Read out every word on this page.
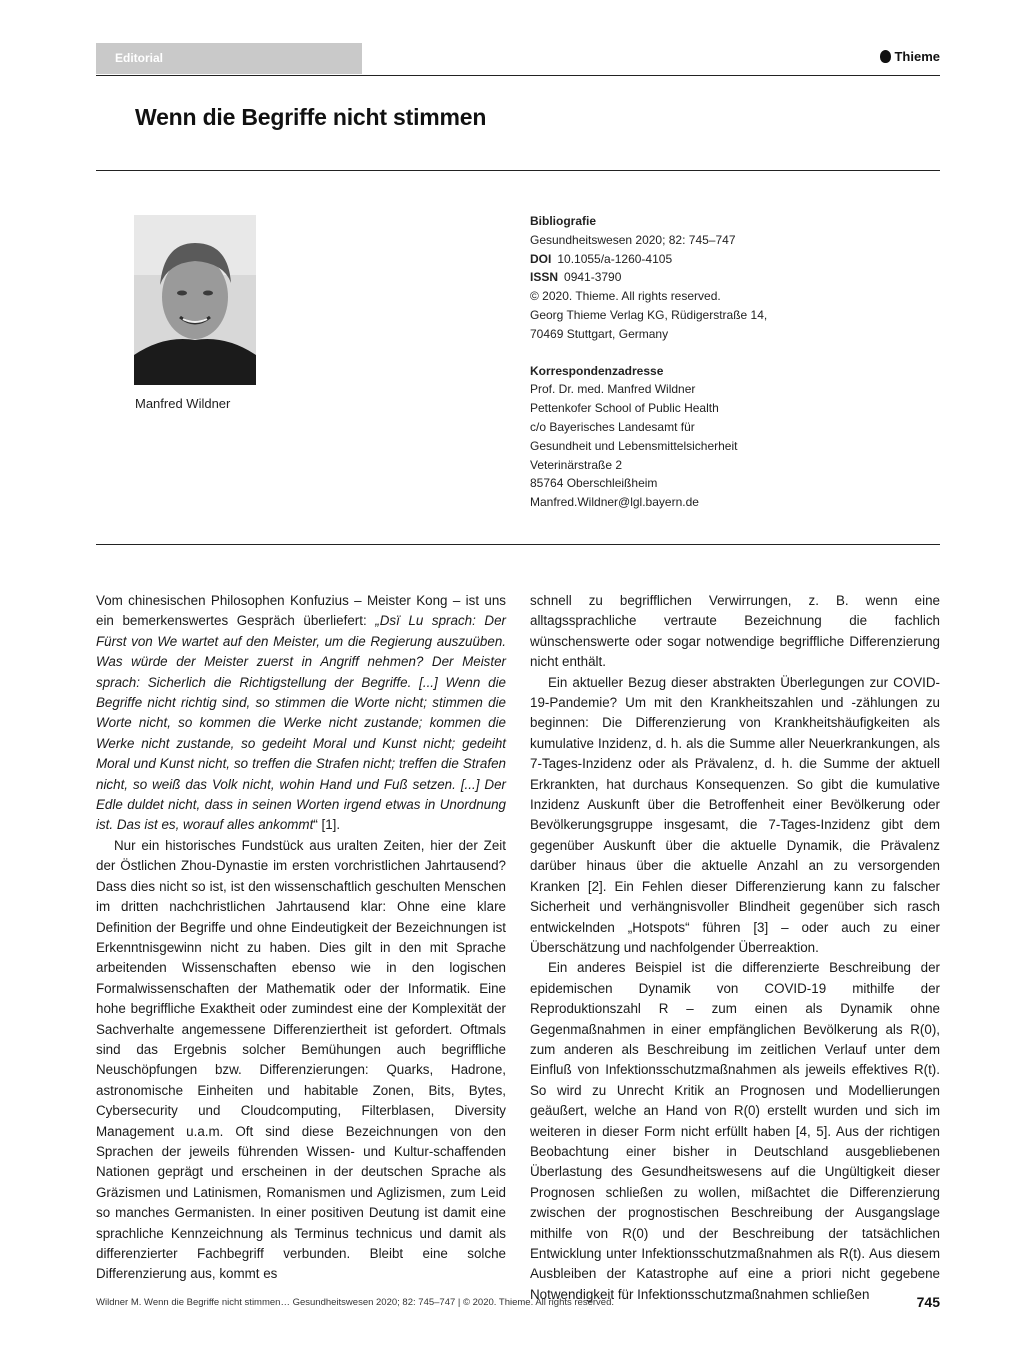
Editorial	Thieme
Wenn die Begriffe nicht stimmen
Manfred Wildner
Bibliografie
Gesundheitswesen 2020; 82: 745–747
DOI 10.1055/a-1260-4105
ISSN 0941-3790
© 2020. Thieme. All rights reserved.
Georg Thieme Verlag KG, Rüdigerstraße 14,
70469 Stuttgart, Germany
Korrespondenzadresse
Prof. Dr. med. Manfred Wildner
Pettenkofer School of Public Health
c/o Bayerisches Landesamt für
Gesundheit und Lebensmittelsicherheit
Veterinärstraße 2
85764 Oberschleißheim
Manfred.Wildner@lgl.bayern.de

Vom chinesischen Philosophen Konfuzius – Meister Kong – ist uns ein bemerkenswertes Gespräch überliefert: „Dsï Lu sprach: Der Fürst von We wartet auf den Meister, um die Regierung auszuüben. Was würde der Meister zuerst in Angriff nehmen? Der Meister sprach: Sicherlich die Richtigstellung der Begriffe. [...] Wenn die Begriffe nicht richtig sind, so stimmen die Worte nicht; stimmen die Worte nicht, so kommen die Werke nicht zustande; kommen die Werke nicht zustande, so gedeiht Moral und Kunst nicht; gedeiht Moral und Kunst nicht, so treffen die Strafen nicht; treffen die Strafen nicht, so weiß das Volk nicht, wohin Hand und Fuß setzen. [...] Der Edle duldet nicht, dass in seinen Worten irgend etwas in Unordnung ist. Das ist es, worauf alles ankommt“ [1].

Nur ein historisches Fundstück aus uralten Zeiten, hier der Zeit der Östlichen Zhou-Dynastie im ersten vorchristlichen Jahrtausend? Dass dies nicht so ist, ist den wissenschaftlich geschulten Menschen im dritten nachchristlichen Jahrtausend klar: Ohne eine klare Definition der Begriffe und ohne Eindeutigkeit der Bezeichnungen ist Erkenntnisgewinn nicht zu haben. Dies gilt in den mit Sprache arbeitenden Wissenschaften ebenso wie in den logischen Formalwissenschaften der Mathematik oder der Informatik. Eine hohe begriffliche Exaktheit oder zumindest eine der Komplexität der Sachverhalte angemessene Differenziertheit ist gefordert. Oftmals sind das Ergebnis solcher Bemühungen auch begriffliche Neuschöpfungen bzw. Differenzierungen: Quarks, Hadrone, astronomische Einheiten und habitable Zonen, Bits, Bytes, Cybersecurity und Cloudcomputing, Filterblasen, Diversity Management u.a.m. Oft sind diese Bezeichnungen von den Sprachen der jeweils führenden Wissen- und Kultur-schaffenden Nationen geprägt und erscheinen in der deutschen Sprache als Gräzismen und Latinismen, Romanismen und Aglizismen, zum Leid so manches Germanisten. In einer positiven Deutung ist damit eine sprachliche Kennzeichnung als Terminus technicus und damit als differenzierter Fachbegriff verbunden. Bleibt eine solche Differenzierung aus, kommt es

schnell zu begrifflichen Verwirrungen, z. B. wenn eine alltagssprachliche vertraute Bezeichnung die fachlich wünschenswerte oder sogar notwendige begriffliche Differenzierung nicht enthält.

Ein aktueller Bezug dieser abstrakten Überlegungen zur COVID-19-Pandemie? Um mit den Krankheitszahlen und -zählungen zu beginnen: Die Differenzierung von Krankheitshäufigkeiten als kumulative Inzidenz, d. h. als die Summe aller Neuerkrankungen, als 7-Tages-Inzidenz oder als Prävalenz, d. h. die Summe der aktuell Erkrankten, hat durchaus Konsequenzen. So gibt die kumulative Inzidenz Auskunft über die Betroffenheit einer Bevölkerung oder Bevölkerungsgruppe insgesamt, die 7-Tages-Inzidenz gibt dem gegenüber Auskunft über die aktuelle Dynamik, die Prävalenz darüber hinaus über die aktuelle Anzahl an zu versorgenden Kranken [2]. Ein Fehlen dieser Differenzierung kann zu falscher Sicherheit und verhängnisvoller Blindheit gegenüber sich rasch entwickelnden „Hotspots“ führen [3] – oder auch zu einer Überschätzung und nachfolgender Überreaktion.

Ein anderes Beispiel ist die differenzierte Beschreibung der epidemischen Dynamik von COVID-19 mithilfe der Reproduktionszahl R – zum einen als Dynamik ohne Gegenmaßnahmen in einer empfänglichen Bevölkerung als R(0), zum anderen als Beschreibung im zeitlichen Verlauf unter dem Einfluß von Infektionsschutzmaßnahmen als jeweils effektives R(t). So wird zu Unrecht Kritik an Prognosen und Modellierungen geäußert, welche an Hand von R(0) erstellt wurden und sich im weiteren in dieser Form nicht erfüllt haben [4, 5]. Aus der richtigen Beobachtung einer bisher in Deutschland ausgebliebenen Überlastung des Gesundheitswesens auf die Ungültigkeit dieser Prognosen schließen zu wollen, mißachtet die Differenzierung zwischen der prognostischen Beschreibung der Ausgangslage mithilfe von R(0) und der Beschreibung der tatsächlichen Entwicklung unter Infektionsschutzmaßnahmen als R(t). Aus diesem Ausbleiben der Katastrophe auf eine a priori nicht gegebene Notwendigkeit für Infektionsschutzmaßnahmen schließen

Wildner M. Wenn die Begriffe nicht stimmen… Gesundheitswesen 2020; 82: 745–747 | © 2020. Thieme. All rights reserved.	745
